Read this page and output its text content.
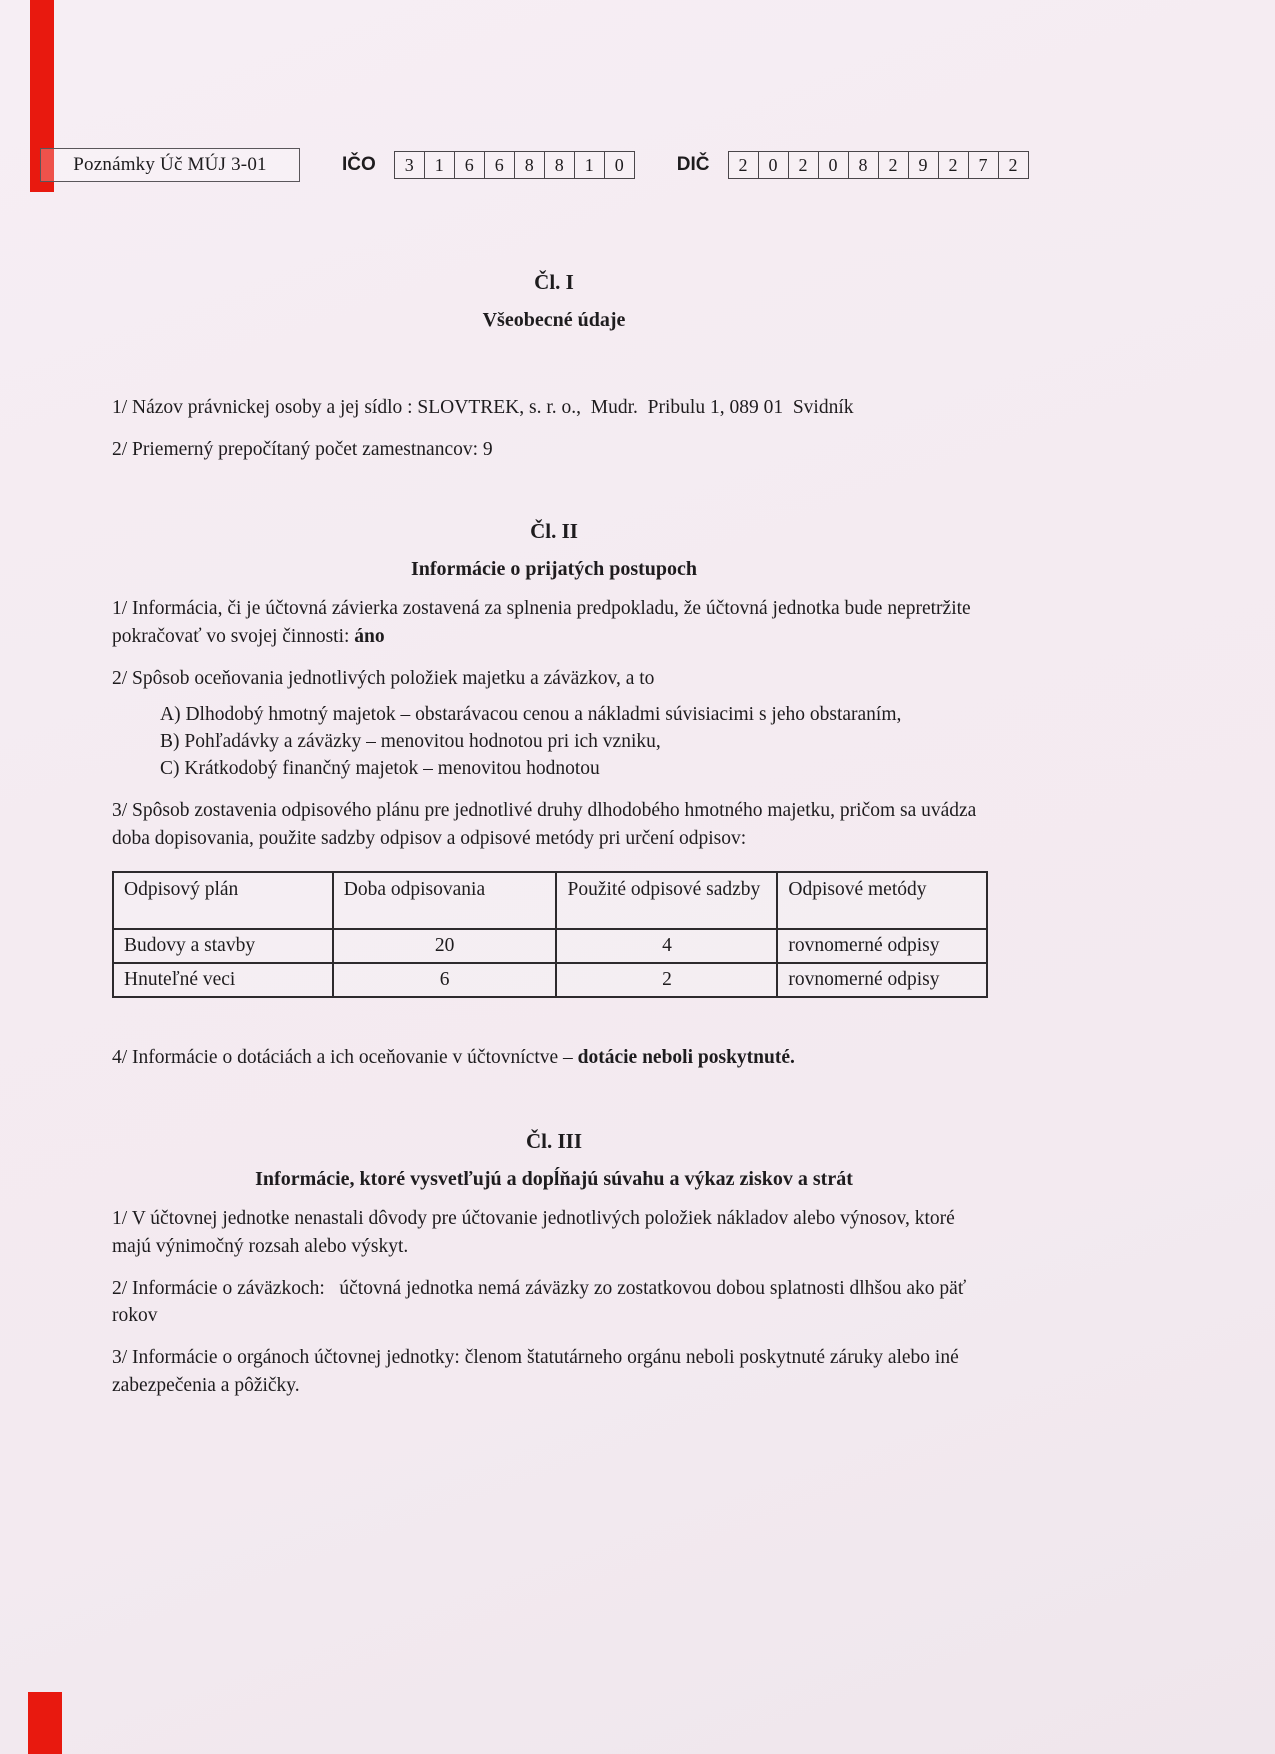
Poznámky Úč MÚJ 3-01	IČO	3	1	6	6	8	8	1	0	DIČ	2	0	2	0	8	2	9	2	7	2
Čl. I
Všeobecné údaje

1/ Názov právnickej osoby a jej sídlo : SLOVTREK, s. r. o.,  Mudr.  Pribulu 1, 089 01  Svidník

2/ Priemerný prepočítaný počet zamestnancov: 9

Čl. II
Informácie o prijatých postupoch

1/ Informácia, či je účtovná závierka zostavená za splnenia predpokladu, že účtovná jednotka bude nepretržite pokračovať vo svojej činnosti: áno

2/ Spôsob oceňovania jednotlivých položiek majetku a záväzkov, a to

A) Dlhodobý hmotný majetok – obstarávacou cenou a nákladmi súvisiacimi s jeho obstaraním,
B) Pohľadávky a záväzky – menovitou hodnotou pri ich vzniku,
C) Krátkodobý finančný majetok – menovitou hodnotou

3/ Spôsob zostavenia odpisového plánu pre jednotlivé druhy dlhodobého hmotného majetku, pričom sa uvádza doba dopisovania, použite sadzby odpisov a odpisové metódy pri určení odpisov:

Odpisový plán	Doba odpisovania	Použité odpisové sadzby	Odpisové metódy
Budovy a stavby	20	4	rovnomerné odpisy
Hnuteľné veci	6	2	rovnomerné odpisy

4/ Informácie o dotáciách a ich oceňovanie v účtovníctve – dotácie neboli poskytnuté.

Čl. III
Informácie, ktoré vysvetľujú a dopĺňajú súvahu a výkaz ziskov a strát

1/ V účtovnej jednotke nenastali dôvody pre účtovanie jednotlivých položiek nákladov alebo výnosov, ktoré majú výnimočný rozsah alebo výskyt.

2/ Informácie o záväzkoch:   účtovná jednotka nemá záväzky zo zostatkovou dobou splatnosti dlhšou ako päť rokov

3/ Informácie o orgánoch účtovnej jednotky: členom štatutárneho orgánu neboli poskytnuté záruky alebo iné zabezpečenia a pôžičky.
